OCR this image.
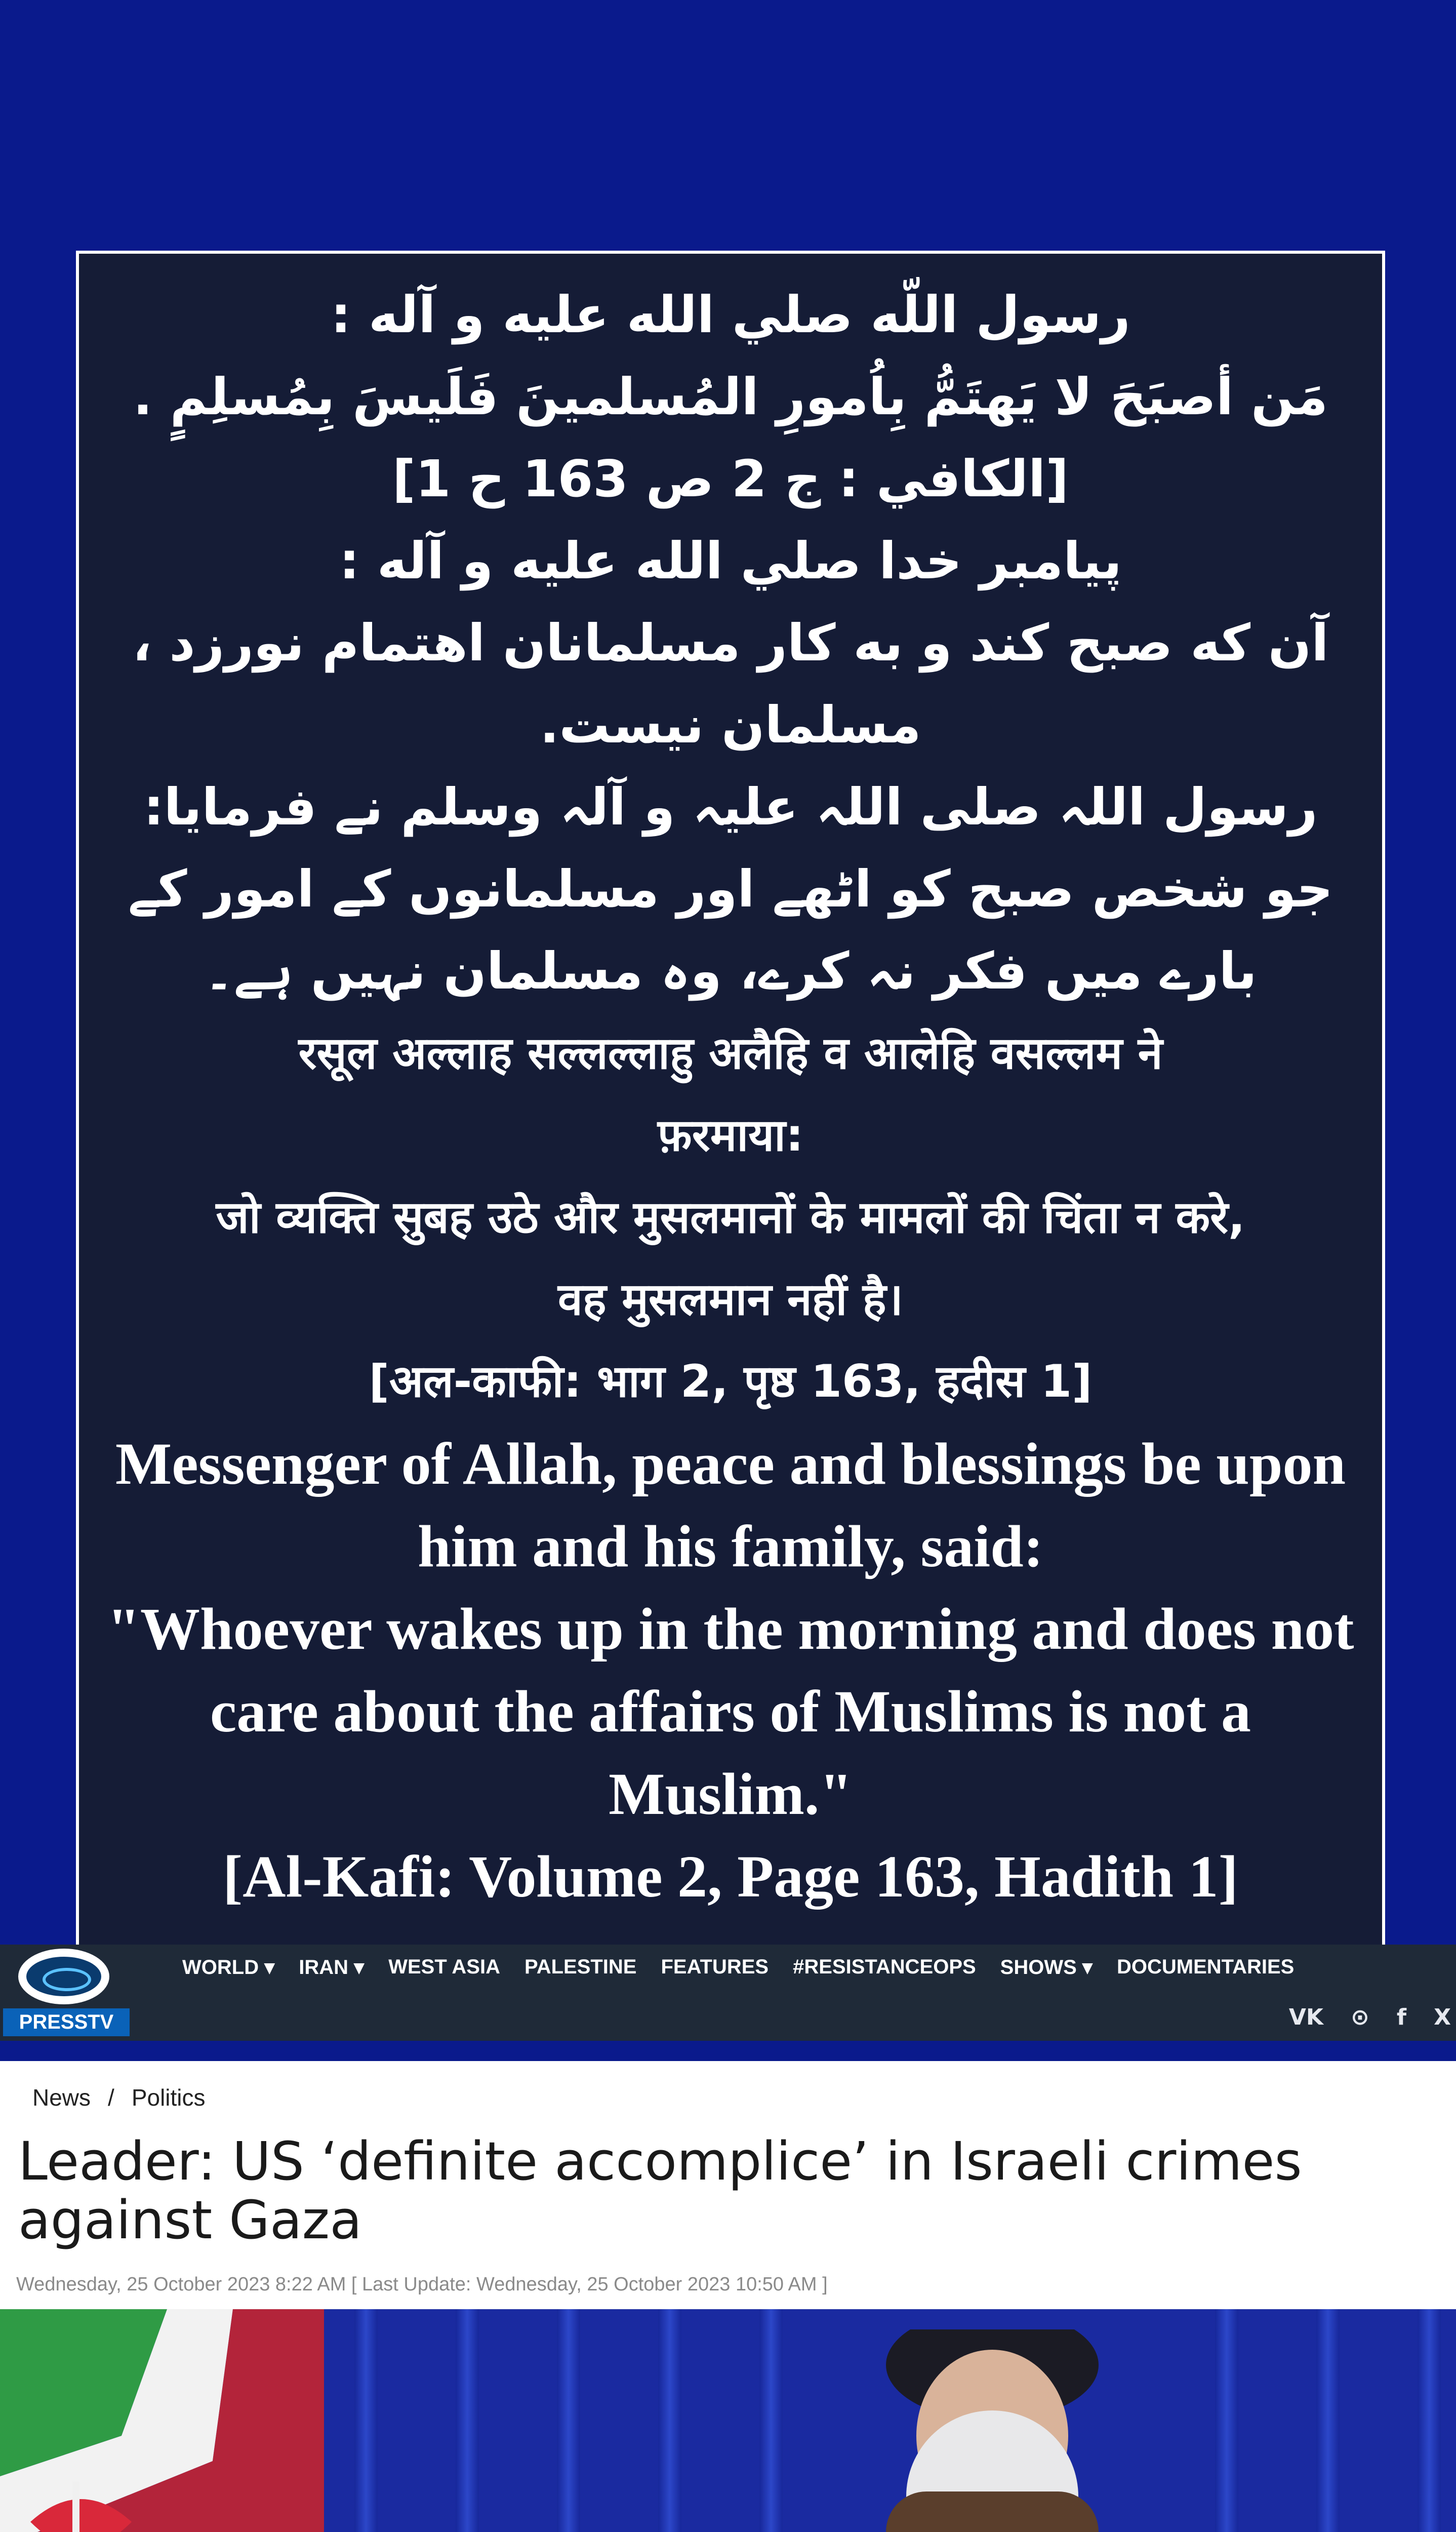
رسول اللّه صلي الله عليه و آله :

مَن أصبَحَ لا يَهتَمُّ بِاُمورِ المُسلمينَ فَلَيسَ بِمُسلِمٍ .

[الكافي : ج 2 ص 163 ح 1]

پيامبر خدا صلي الله عليه و آله :

آن كه صبح كند و به كار مسلمانان اهتمام نورزد ،

مسلمان نيست.

رسول اللہ صلی اللہ علیہ و آلہ وسلم نے فرمایا:

جو شخص صبح کو اٹھے اور مسلمانوں کے امور کے

بارے میں فکر نہ کرے، وہ مسلمان نہیں ہے۔

रसूल अल्लाह सल्लल्लाहु अलैहि व आलेहि वसल्लम ने

फ़रमाया:

जो व्यक्ति सुबह उठे और मुसलमानों के मामलों की चिंता न करे,

वह मुसलमान नहीं है।

[अल-काफी: भाग 2, पृष्ठ 163, हदीस 1]

Messenger of Allah, peace and blessings be upon

him and his family, said:

"Whoever wakes up in the morning and does not

care about the affairs of Muslims is not a

Muslim."

[Al-Kafi: Volume 2, Page 163, Hadith 1]

PRESSTV
WORLD ▾ IRAN ▾ WEST ASIA PALESTINE FEATURES #RESISTANCEOPS SHOWS ▾ DOCUMENTARIES
VK ⊙ f X
News / Politics
Leader: US ‘definite accomplice’ in Israeli crimes against Gaza
Wednesday, 25 October 2023 8:22 AM [ Last Update: Wednesday, 25 October 2023 10:50 AM ]
